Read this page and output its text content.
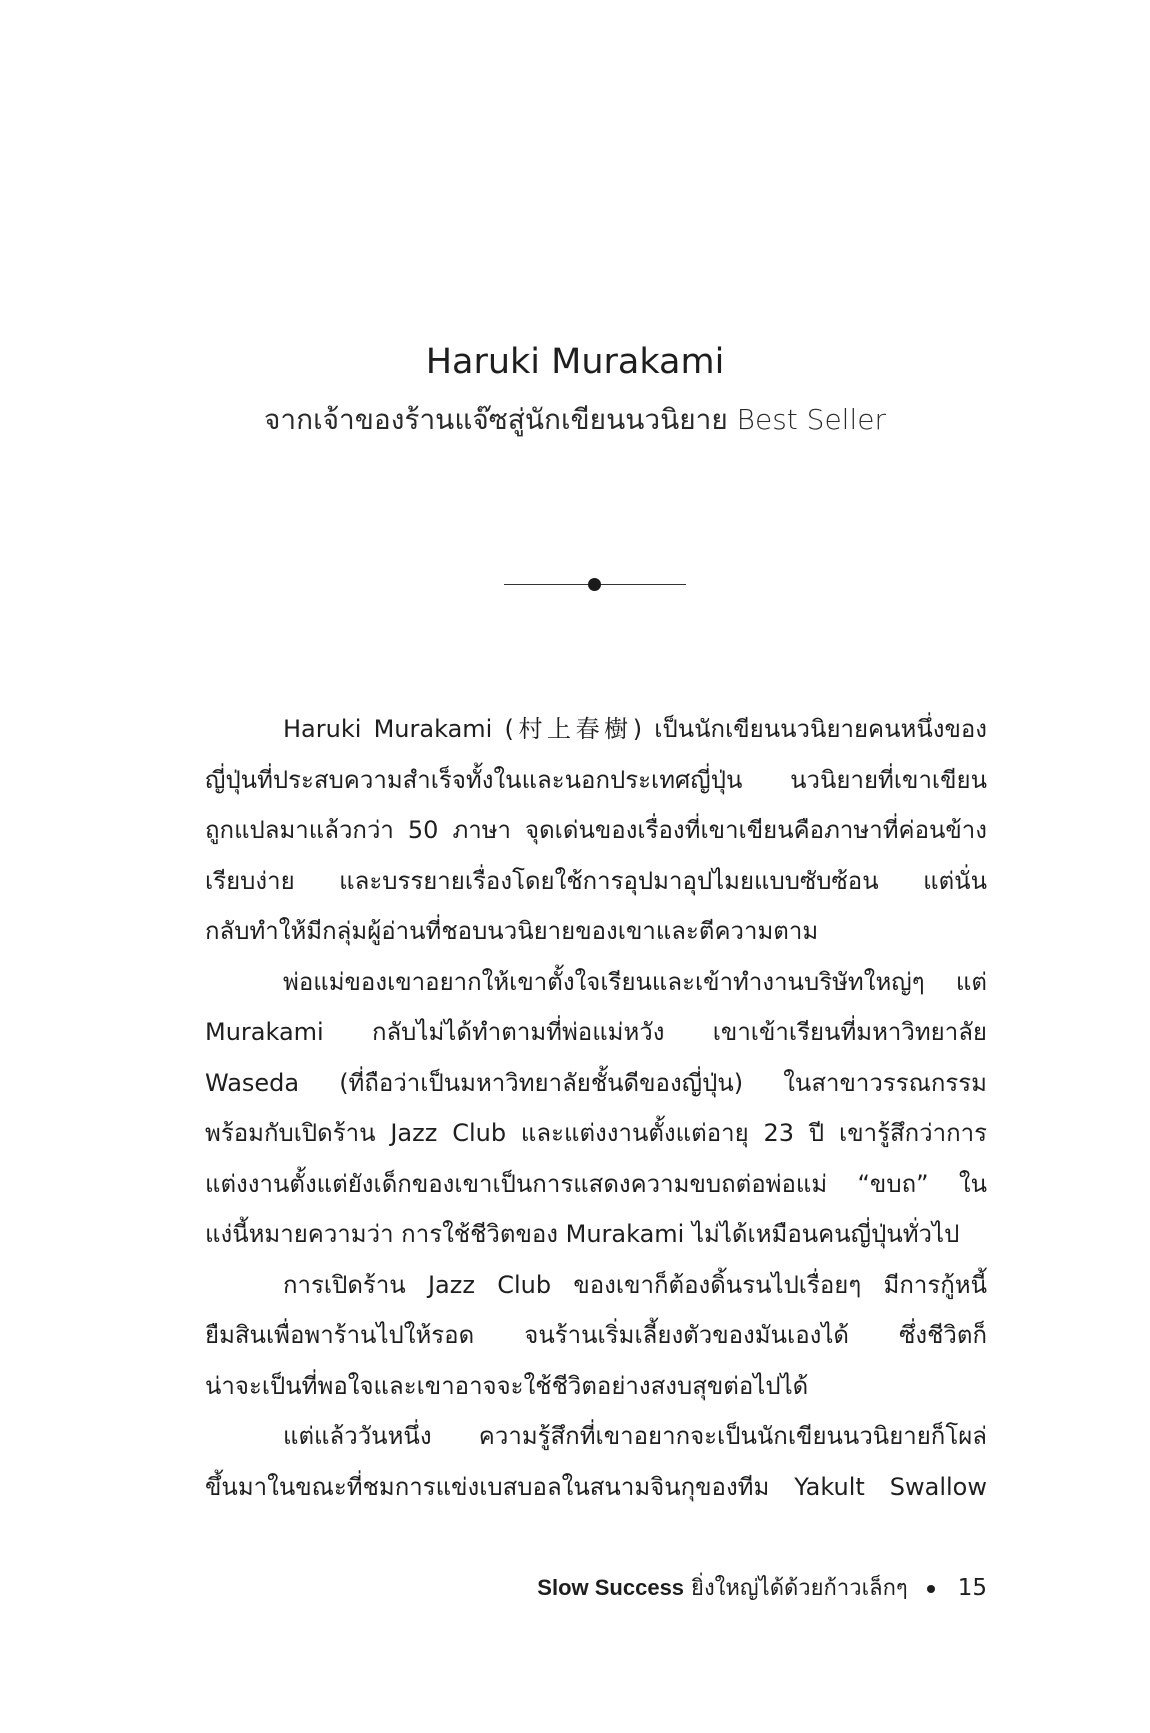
Haruki Murakami
จากเจ้าของร้านแจ๊ซสู่นักเขียนนวนิยาย Best Seller
Haruki Murakami (村上春樹) เป็นนักเขียนนวนิยายคนหนึ่งของ
ญี่ปุ่นที่ประสบความสำเร็จทั้งในและนอกประเทศญี่ปุ่น นวนิยายที่เขาเขียน
ถูกแปลมาแล้วกว่า 50 ภาษา จุดเด่นของเรื่องที่เขาเขียนคือภาษาที่ค่อนข้าง
เรียบง่าย และบรรยายเรื่องโดยใช้การอุปมาอุปไมยแบบซับซ้อน แต่นั่น
กลับทำให้มีกลุ่มผู้อ่านที่ชอบนวนิยายของเขาและตีความตาม
พ่อแม่ของเขาอยากให้เขาตั้งใจเรียนและเข้าทำงานบริษัทใหญ่ๆ แต่
Murakami กลับไม่ได้ทำตามที่พ่อแม่หวัง เขาเข้าเรียนที่มหาวิทยาลัย
Waseda (ที่ถือว่าเป็นมหาวิทยาลัยชั้นดีของญี่ปุ่น) ในสาขาวรรณกรรม
พร้อมกับเปิดร้าน Jazz Club และแต่งงานตั้งแต่อายุ 23 ปี เขารู้สึกว่าการ
แต่งงานตั้งแต่ยังเด็กของเขาเป็นการแสดงความขบถต่อพ่อแม่ “ขบถ” ใน
แง่นี้หมายความว่า การใช้ชีวิตของ Murakami ไม่ได้เหมือนคนญี่ปุ่นทั่วไป
การเปิดร้าน Jazz Club ของเขาก็ต้องดิ้นรนไปเรื่อยๆ มีการกู้หนี้
ยืมสินเพื่อพาร้านไปให้รอด จนร้านเริ่มเลี้ยงตัวของมันเองได้ ซึ่งชีวิตก็
น่าจะเป็นที่พอใจและเขาอาจจะใช้ชีวิตอย่างสงบสุขต่อไปได้
แต่แล้ววันหนึ่ง ความรู้สึกที่เขาอยากจะเป็นนักเขียนนวนิยายก็โผล่
ขึ้นมาในขณะที่ชมการแข่งเบสบอลในสนามจินกุของทีม Yakult Swallow
Slow Success ยิ่งใหญ่ได้ด้วยก้าวเล็กๆ 15
